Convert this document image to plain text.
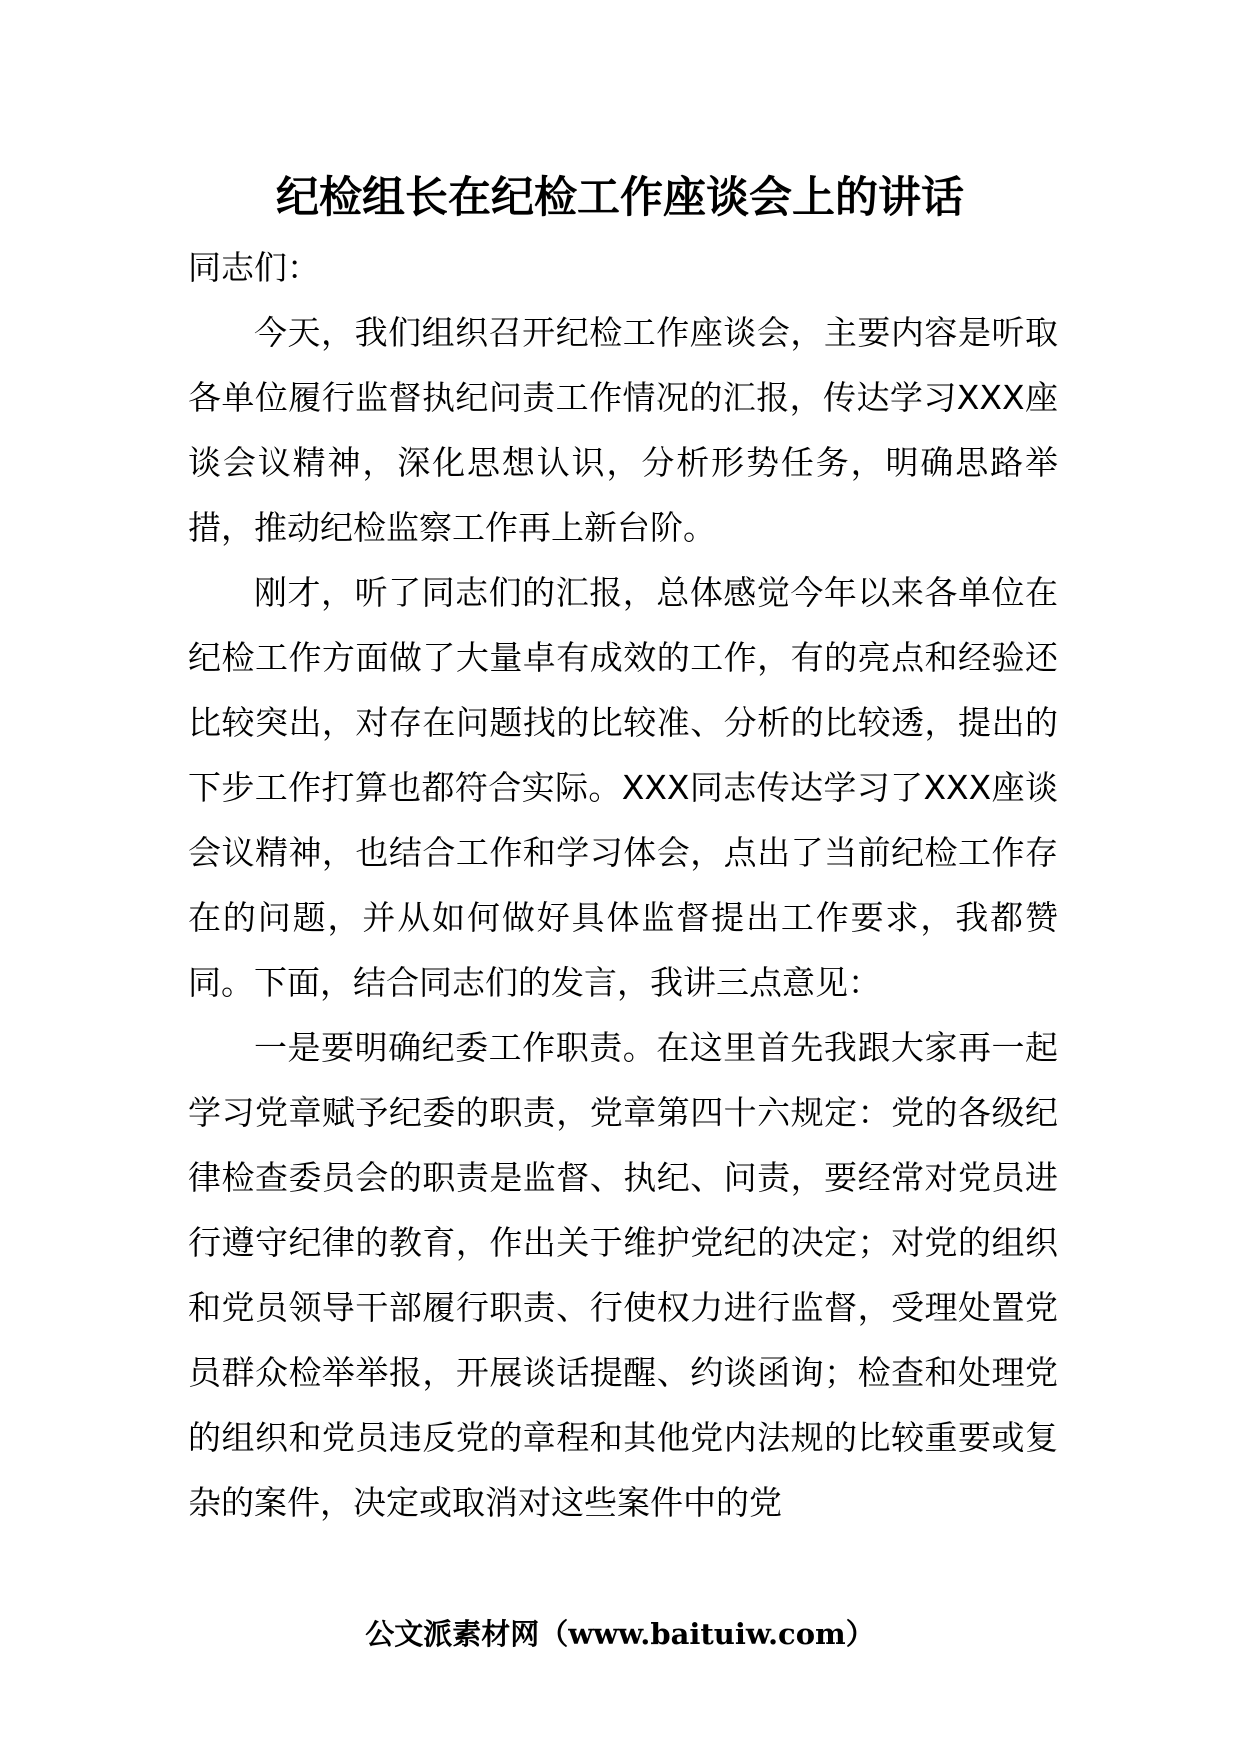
纪检组长在纪检工作座谈会上的讲话

同志们：

今天，我们组织召开纪检工作座谈会，主要内容是听取各单位履行监督执纪问责工作情况的汇报，传达学习XXX座谈会议精神，深化思想认识，分析形势任务，明确思路举措，推动纪检监察工作再上新台阶。

刚才，听了同志们的汇报，总体感觉今年以来各单位在纪检工作方面做了大量卓有成效的工作，有的亮点和经验还比较突出，对存在问题找的比较准、分析的比较透，提出的下步工作打算也都符合实际。XXX同志传达学习了XXX座谈会议精神，也结合工作和学习体会，点出了当前纪检工作存在的问题，并从如何做好具体监督提出工作要求，我都赞同。下面，结合同志们的发言，我讲三点意见：

一是要明确纪委工作职责。在这里首先我跟大家再一起学习党章赋予纪委的职责，党章第四十六规定：党的各级纪律检查委员会的职责是监督、执纪、问责，要经常对党员进行遵守纪律的教育，作出关于维护党纪的决定；对党的组织和党员领导干部履行职责、行使权力进行监督，受理处置党员群众检举举报，开展谈话提醒、约谈函询；检查和处理党的组织和党员违反党的章程和其他党内法规的比较重要或复杂的案件，决定或取消对这些案件中的党

公文派素材网（www.baituiw.com）
